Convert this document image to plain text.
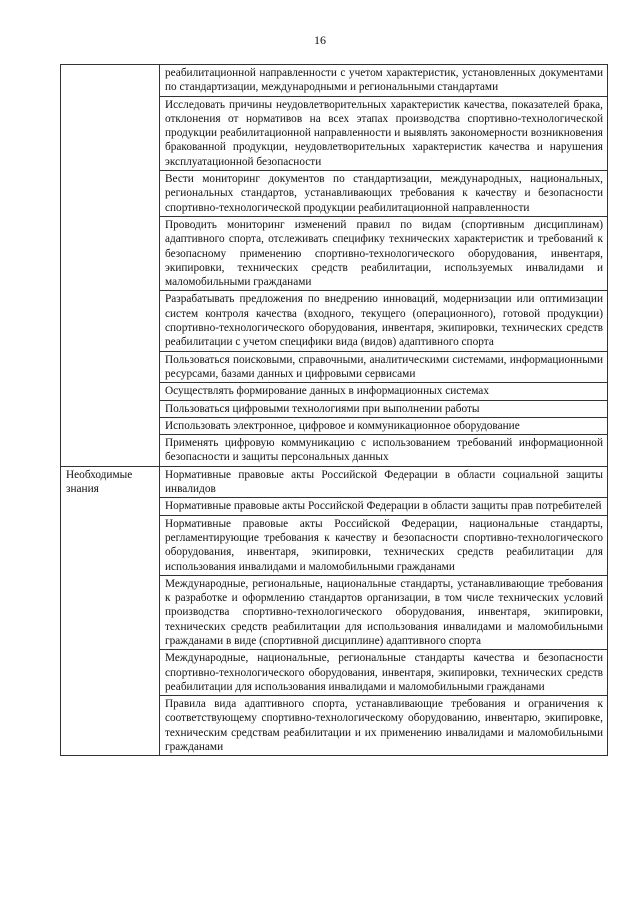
16
	реабилитационной направленности с учетом характеристик, установленных документами по стандартизации, международными и региональными стандартами
	Исследовать причины неудовлетворительных характеристик качества, показателей брака, отклонения от нормативов на всех этапах производства спортивно-технологической продукции реабилитационной направленности и выявлять закономерности возникновения бракованной продукции, неудовлетворительных характеристик качества и нарушения эксплуатационной безопасности
	Вести мониторинг документов по стандартизации, международных, национальных, региональных стандартов, устанавливающих требования к качеству и безопасности спортивно-технологической продукции реабилитационной направленности
	Проводить мониторинг изменений правил по видам (спортивным дисциплинам) адаптивного спорта, отслеживать специфику технических характеристик и требований к безопасному применению спортивно-технологического оборудования, инвентаря, экипировки, технических средств реабилитации, используемых инвалидами и маломобильными гражданами
	Разрабатывать предложения по внедрению инноваций, модернизации или оптимизации систем контроля качества (входного, текущего (операционного), готовой продукции) спортивно-технологического оборудования, инвентаря, экипировки, технических средств реабилитации с учетом специфики вида (видов) адаптивного спорта
	Пользоваться поисковыми, справочными, аналитическими системами, информационными ресурсами, базами данных и цифровыми сервисами
	Осуществлять формирование данных в информационных системах
	Пользоваться цифровыми технологиями при выполнении работы
	Использовать электронное, цифровое и коммуникационное оборудование
	Применять цифровую коммуникацию с использованием требований информационной безопасности и защиты персональных данных

Необходимые знания	Нормативные правовые акты Российской Федерации в области социальной защиты инвалидов
	Нормативные правовые акты Российской Федерации в области защиты прав потребителей
	Нормативные правовые акты Российской Федерации, национальные стандарты, регламентирующие требования к качеству и безопасности спортивно-технологического оборудования, инвентаря, экипировки, технических средств реабилитации для использования инвалидами и маломобильными гражданами
	Международные, региональные, национальные стандарты, устанавливающие требования к разработке и оформлению стандартов организации, в том числе технических условий производства спортивно-технологического оборудования, инвентаря, экипировки, технических средств реабилитации для использования инвалидами и маломобильными гражданами в виде (спортивной дисциплине) адаптивного спорта
	Международные, национальные, региональные стандарты качества и безопасности спортивно-технологического оборудования, инвентаря, экипировки, технических средств реабилитации для использования инвалидами и маломобильными гражданами
	Правила вида адаптивного спорта, устанавливающие требования и ограничения к соответствующему спортивно-технологическому оборудованию, инвентарю, экипировке, техническим средствам реабилитации и их применению инвалидами и маломобильными гражданами
